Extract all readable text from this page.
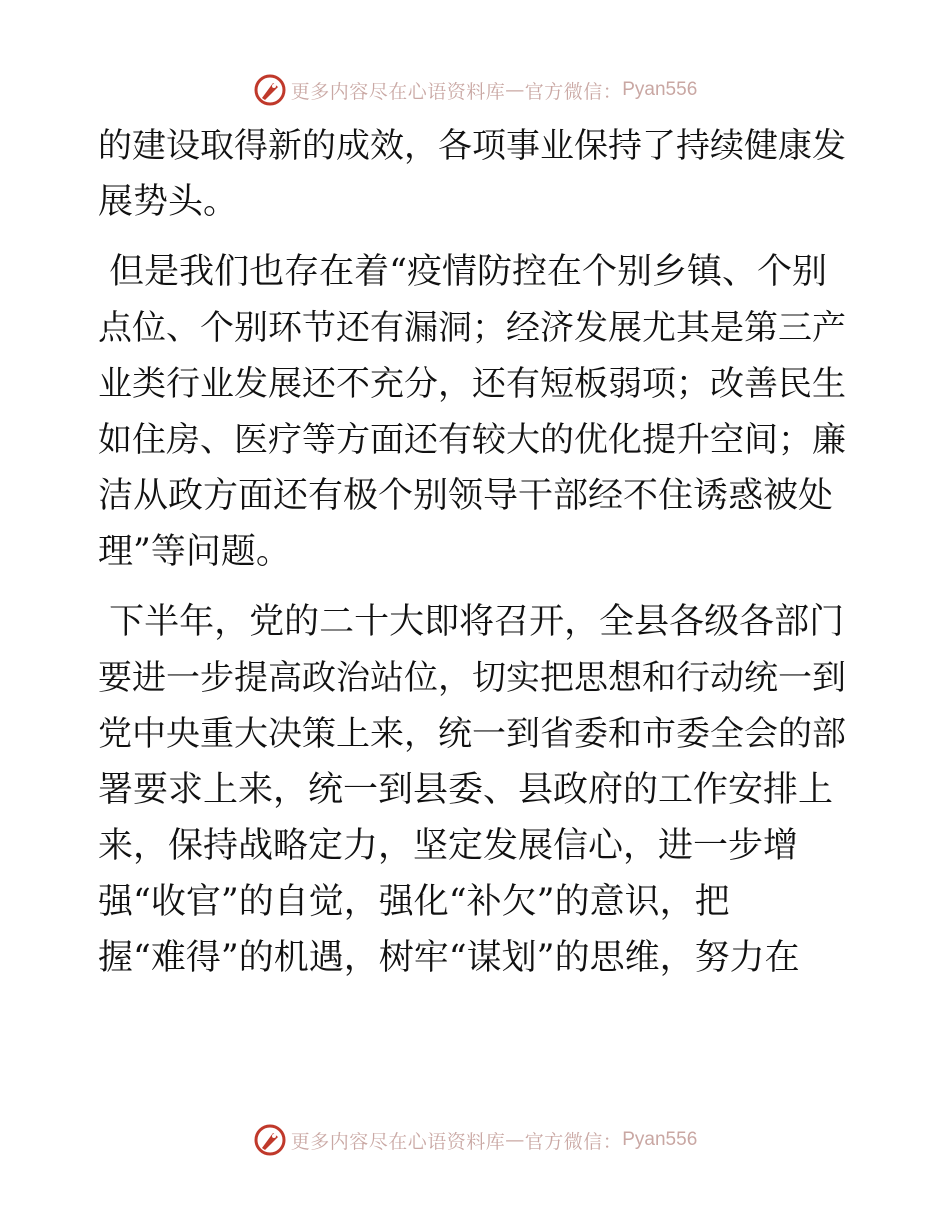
更多内容尽在心语资料库 — 官方微信： Pyan556
的建设取得新的成效，各项事业保持了持续健康发
展势头。
但是我们也存在着“疫情防控在个别乡镇、个别
点位、个别环节还有漏洞；经济发展尤其是第三产
业类行业发展还不充分，还有短板弱项；改善民生
如住房、医疗等方面还有较大的优化提升空间；廉
洁从政方面还有极个别领导干部经不住诱惑被处
理”等问题。
下半年，党的二十大即将召开，全县各级各部门
要进一步提高政治站位，切实把思想和行动统一到
党中央重大决策上来，统一到省委和市委全会的部
署要求上来，统一到县委、县政府的工作安排上
来，保持战略定力，坚定发展信心，进一步增
强“收官”的自觉，强化“补欠”的意识，把
握“难得”的机遇，树牢“谋划”的思维，努力在
更多内容尽在心语资料库 — 官方微信： Pyan556
